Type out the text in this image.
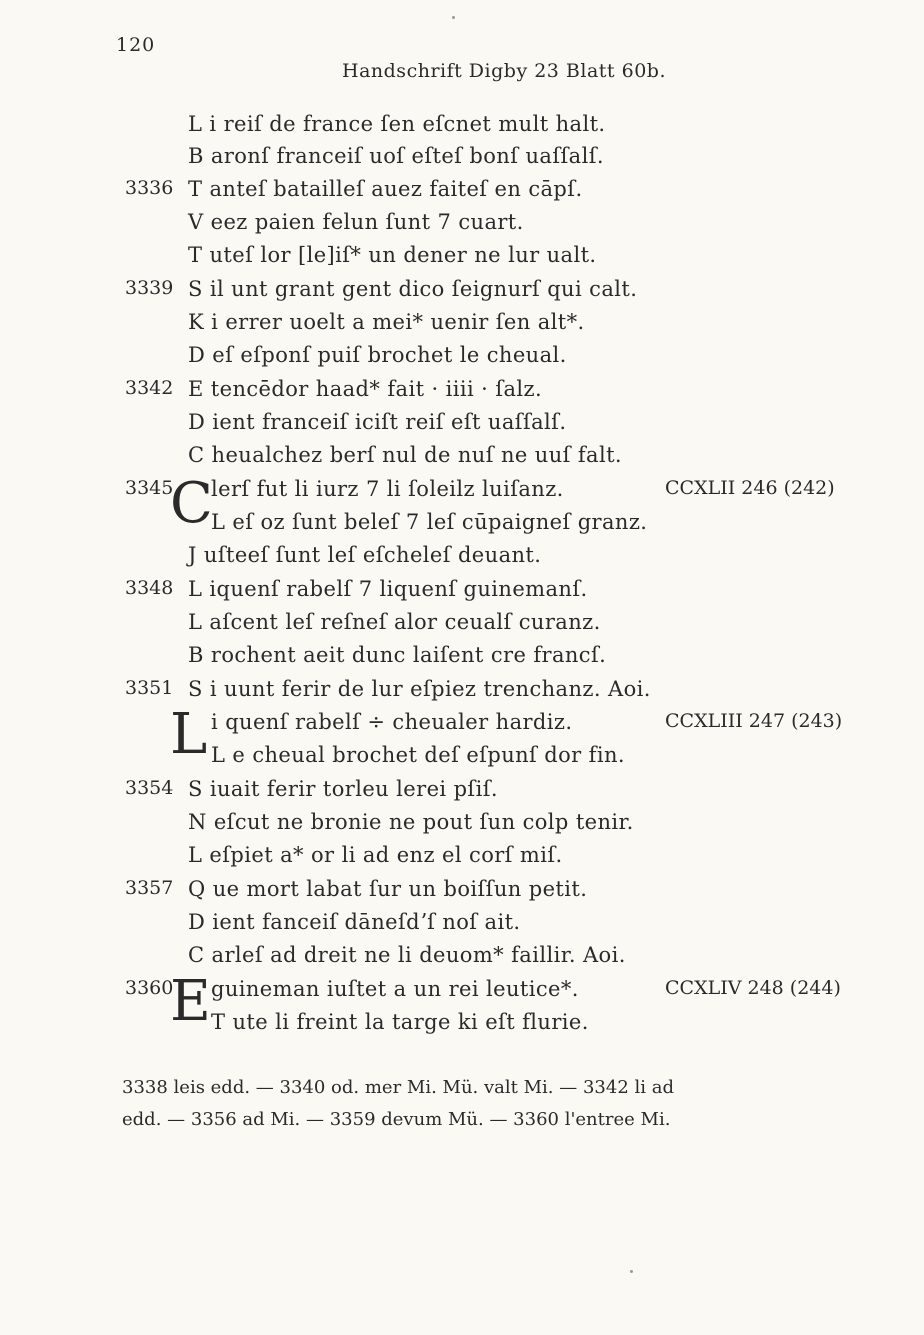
120
Handschrift Digby 23 Blatt 60b.
L i reiſ de france ſen eſcnet mult halt.
B aronſ franceiſ uoſ eſteſ bonſ uaſſalſ.
3336 T anteſ batailleſ auez faiteſ en cāpſ.
V eez paien felun ſunt 7 cuart.
T uteſ lor [le]iſ* un dener ne lur ualt.
3339 S il unt grant gent dico ſeignurſ qui calt.
K i errer uoelt a mei* uenir ſen alt*.
D eſ eſponſ puiſ brochet le cheual.
3342 E tencēdor haad* fait · iiii · ſalz.
D ient franceiſ iciſt reiſ eſt uaſſalſ.
C heualchez berſ nul de nuſ ne uuſ falt.
3345 lerſ fut li iurz 7 li ſoleilz luiſanz.	CCXLII 246 (242)
L eſ oz ſunt beleſ 7 leſ cūpaigneſ granz.
J uſteeſ ſunt leſ eſcheleſ deuant.
3348 L iquenſ rabelſ 7 liquenſ guinemanſ.
L aſcent leſ reſneſ alor ceualſ curanz.
B rochent aeit dunc laiſent cre francſ.
3351 S i uunt ferir de lur eſpiez trenchanz. Aoi.
i quenſ rabelſ ÷ cheualer hardiz.	CCXLIII 247 (243)
L e cheual brochet deſ eſpunſ dor fin.
3354 S iuait ferir torleu lerei pſiſ.
N eſcut ne bronie ne pout ſun colp tenir.
L eſpiet a* or li ad enz el corſ miſ.
3357 Q ue mort labat ſur un boiſſun petit.
D ient fanceiſ dāneſdʼſ noſ ait.
C arleſ ad dreit ne li deuom* faillir. Aoi.
3360 guineman iuſtet a un rei leutice*.	CCXLIV 248 (244)
T ute li freint la targe ki eſt flurie.
C
L
E
3338 leis edd. — 3340 od. mer Mi. Mü. valt Mi. — 3342 li ad
edd. — 3356 ad Mi. — 3359 devum Mü. — 3360 l'entree Mi.
